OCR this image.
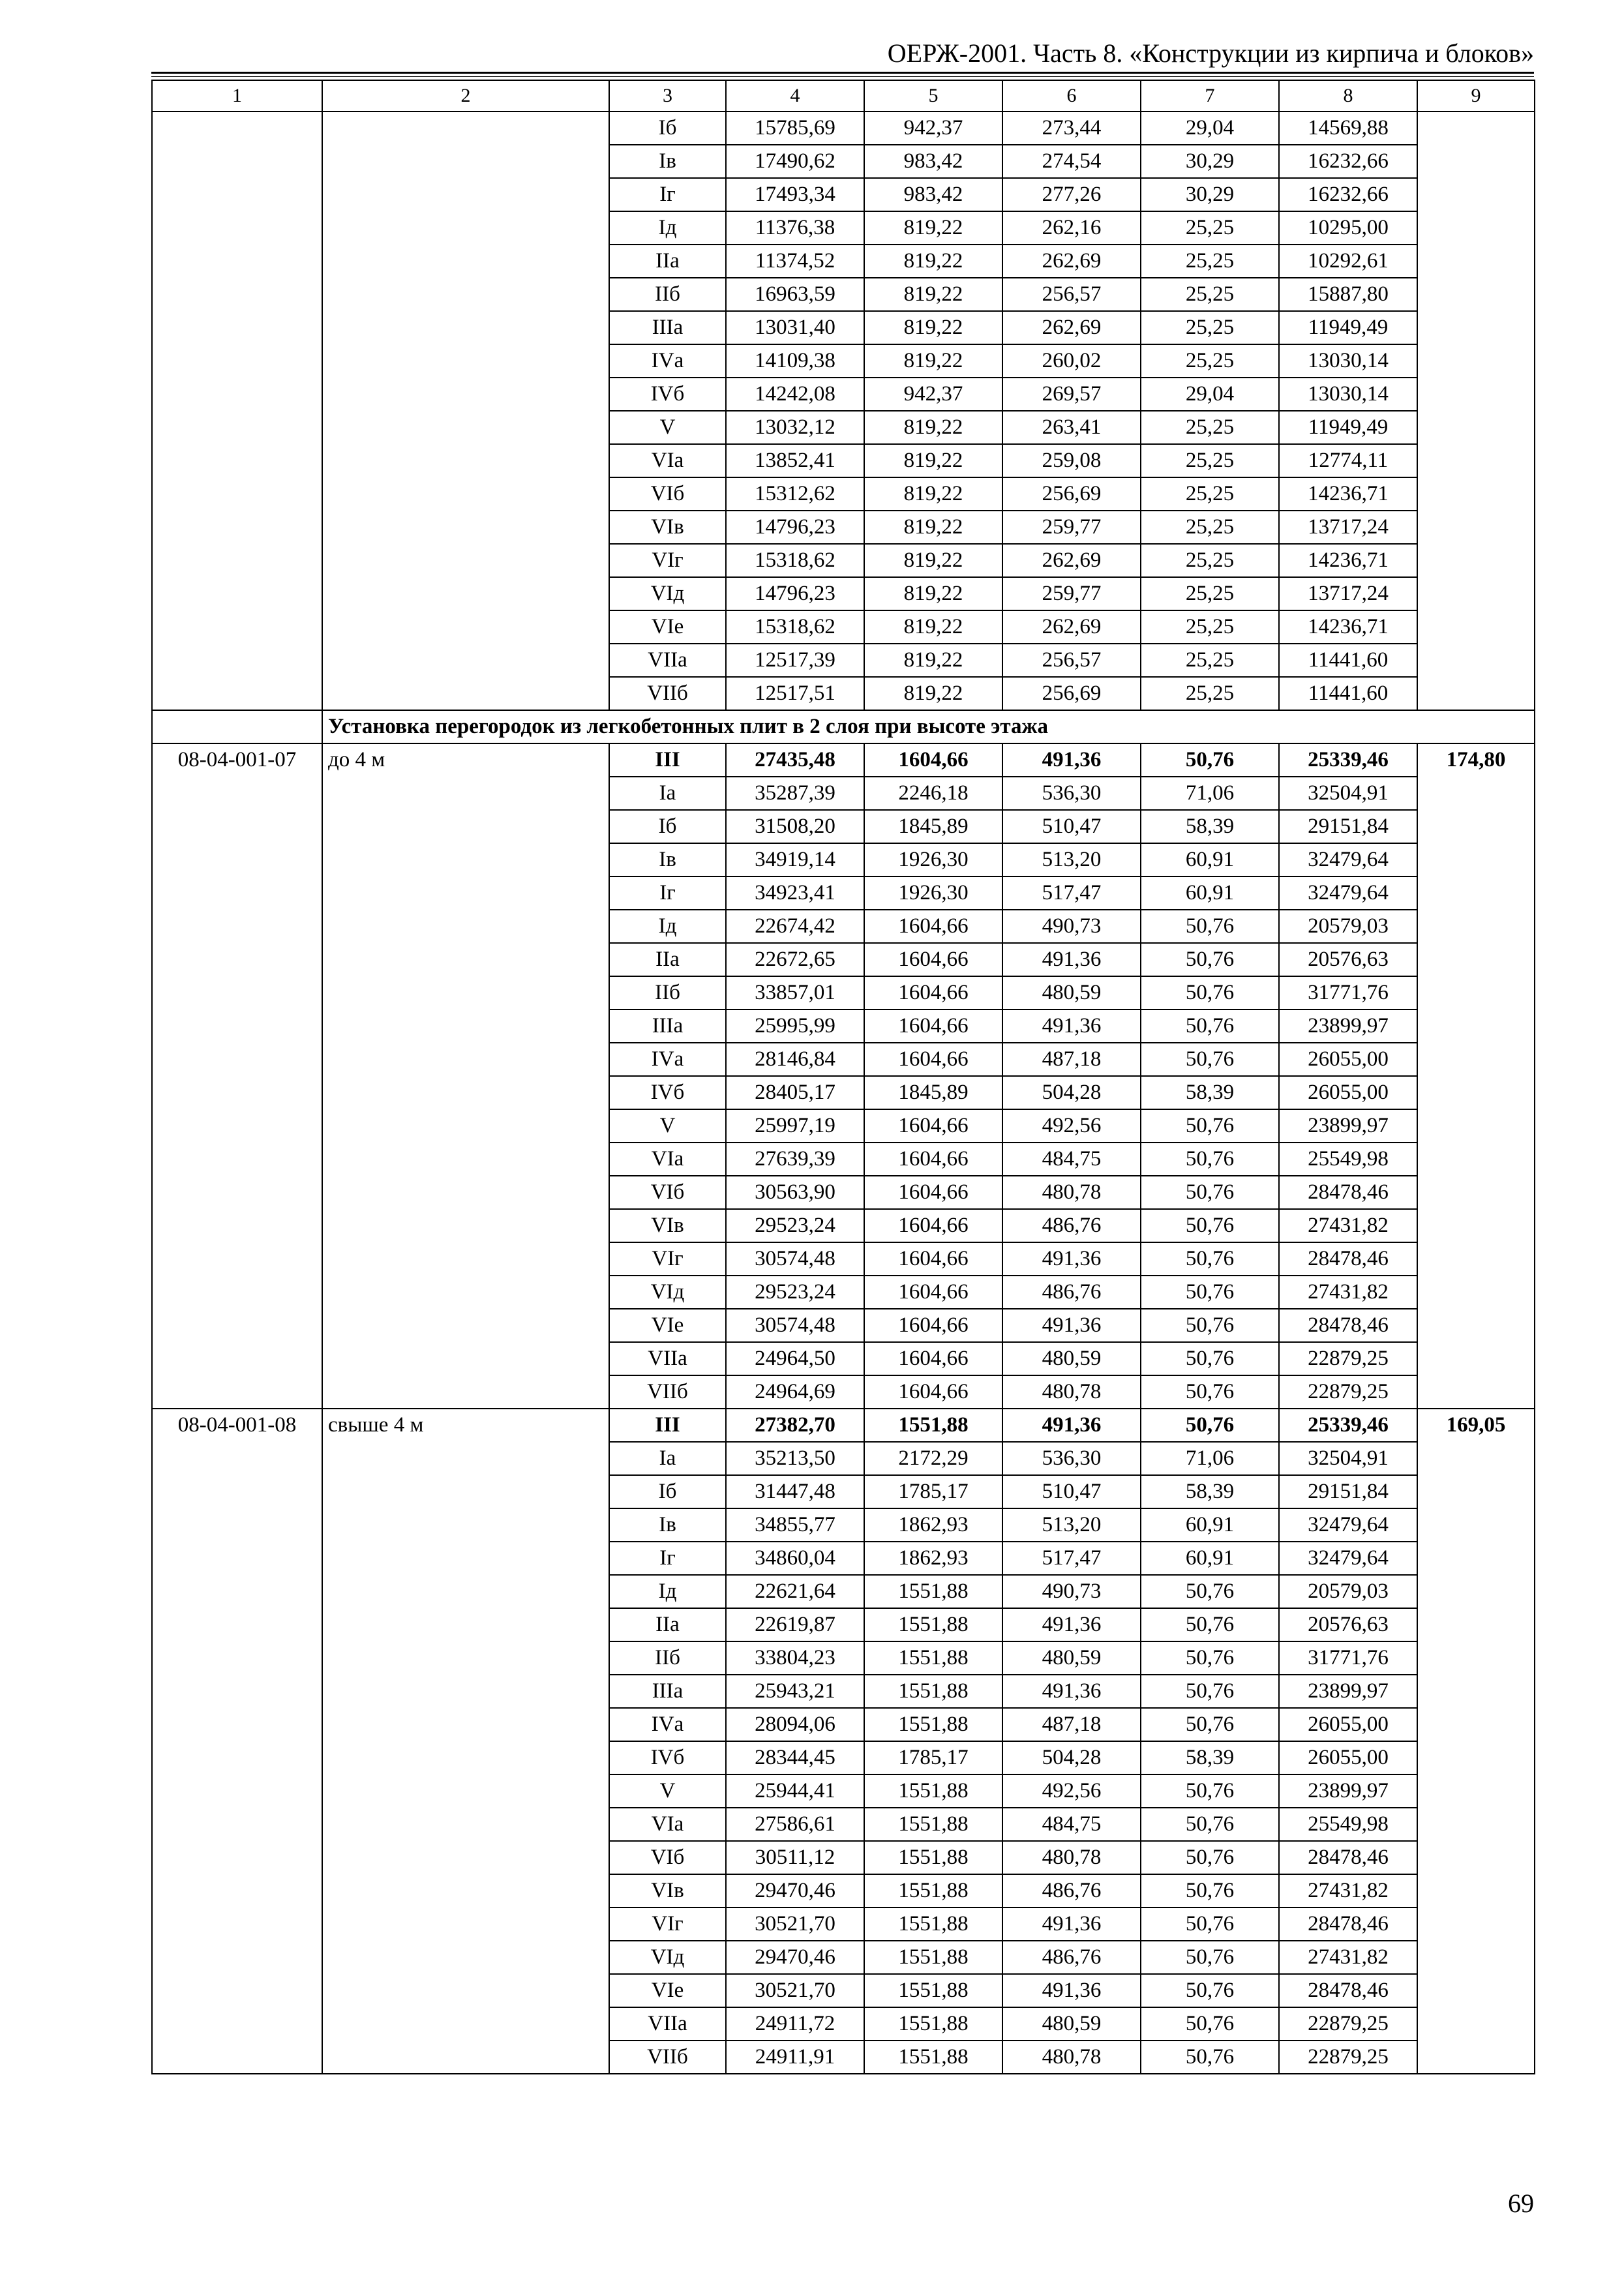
ОЕРЖ-2001. Часть 8. «Конструкции из кирпича и блоков»
1	2	3	4	5	6	7	8	9
		Iб	15785,69	942,37	273,44	29,04	14569,88	
		Iв	17490,62	983,42	274,54	30,29	16232,66	
		Iг	17493,34	983,42	277,26	30,29	16232,66	
		Iд	11376,38	819,22	262,16	25,25	10295,00	
		IIа	11374,52	819,22	262,69	25,25	10292,61	
		IIб	16963,59	819,22	256,57	25,25	15887,80	
		IIIа	13031,40	819,22	262,69	25,25	11949,49	
		IVа	14109,38	819,22	260,02	25,25	13030,14	
		IVб	14242,08	942,37	269,57	29,04	13030,14	
		V	13032,12	819,22	263,41	25,25	11949,49	
		VIа	13852,41	819,22	259,08	25,25	12774,11	
		VIб	15312,62	819,22	256,69	25,25	14236,71	
		VIв	14796,23	819,22	259,77	25,25	13717,24	
		VIг	15318,62	819,22	262,69	25,25	14236,71	
		VIд	14796,23	819,22	259,77	25,25	13717,24	
		VIе	15318,62	819,22	262,69	25,25	14236,71	
		VIIа	12517,39	819,22	256,57	25,25	11441,60	
		VIIб	12517,51	819,22	256,69	25,25	11441,60	
	Установка перегородок из легкобетонных плит в 2 слоя при высоте этажа							
08-04-001-07	до 4 м	III	27435,48	1604,66	491,36	50,76	25339,46	174,80
		Iа	35287,39	2246,18	536,30	71,06	32504,91	
		Iб	31508,20	1845,89	510,47	58,39	29151,84	
		Iв	34919,14	1926,30	513,20	60,91	32479,64	
		Iг	34923,41	1926,30	517,47	60,91	32479,64	
		Iд	22674,42	1604,66	490,73	50,76	20579,03	
		IIа	22672,65	1604,66	491,36	50,76	20576,63	
		IIб	33857,01	1604,66	480,59	50,76	31771,76	
		IIIа	25995,99	1604,66	491,36	50,76	23899,97	
		IVа	28146,84	1604,66	487,18	50,76	26055,00	
		IVб	28405,17	1845,89	504,28	58,39	26055,00	
		V	25997,19	1604,66	492,56	50,76	23899,97	
		VIа	27639,39	1604,66	484,75	50,76	25549,98	
		VIб	30563,90	1604,66	480,78	50,76	28478,46	
		VIв	29523,24	1604,66	486,76	50,76	27431,82	
		VIг	30574,48	1604,66	491,36	50,76	28478,46	
		VIд	29523,24	1604,66	486,76	50,76	27431,82	
		VIе	30574,48	1604,66	491,36	50,76	28478,46	
		VIIа	24964,50	1604,66	480,59	50,76	22879,25	
		VIIб	24964,69	1604,66	480,78	50,76	22879,25	
08-04-001-08	свыше 4 м	III	27382,70	1551,88	491,36	50,76	25339,46	169,05
		Iа	35213,50	2172,29	536,30	71,06	32504,91	
		Iб	31447,48	1785,17	510,47	58,39	29151,84	
		Iв	34855,77	1862,93	513,20	60,91	32479,64	
		Iг	34860,04	1862,93	517,47	60,91	32479,64	
		Iд	22621,64	1551,88	490,73	50,76	20579,03	
		IIа	22619,87	1551,88	491,36	50,76	20576,63	
		IIб	33804,23	1551,88	480,59	50,76	31771,76	
		IIIа	25943,21	1551,88	491,36	50,76	23899,97	
		IVа	28094,06	1551,88	487,18	50,76	26055,00	
		IVб	28344,45	1785,17	504,28	58,39	26055,00	
		V	25944,41	1551,88	492,56	50,76	23899,97	
		VIа	27586,61	1551,88	484,75	50,76	25549,98	
		VIб	30511,12	1551,88	480,78	50,76	28478,46	
		VIв	29470,46	1551,88	486,76	50,76	27431,82	
		VIг	30521,70	1551,88	491,36	50,76	28478,46	
		VIд	29470,46	1551,88	486,76	50,76	27431,82	
		VIе	30521,70	1551,88	491,36	50,76	28478,46	
		VIIа	24911,72	1551,88	480,59	50,76	22879,25	
		VIIб	24911,91	1551,88	480,78	50,76	22879,25	
69
